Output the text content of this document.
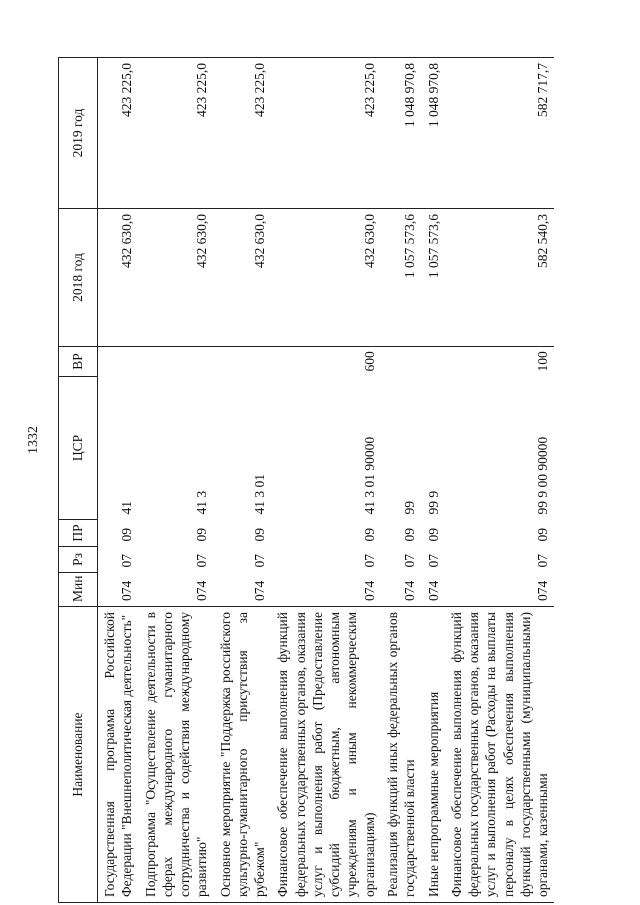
1332
Наименование	Мин	Рз	ПР	ЦСР	ВР	2018 год	2019 год
Государственная программа Российской Федерации "Внешнеполитическая деятельность"	074	07	09	41		432 630,0	423 225,0
Подпрограмма "Осуществление деятельности в сферах международного гуманитарного сотрудничества и содействия международному развитию"	074	07	09	41 3		432 630,0	423 225,0
Основное мероприятие "Поддержка российского культурно-гуманитарного присутствия за рубежом"	074	07	09	41 3 01		432 630,0	423 225,0
Финансовое обеспечение выполнения функций федеральных государственных органов, оказания услуг и выполнения работ (Предоставление субсидий бюджетным, автономным учреждениям и иным некоммерческим организациям)	074	07	09	41 3 01 90000	600	432 630,0	423 225,0
Реализация функций иных федеральных органов государственной власти	074	07	09	99		1 057 573,6	1 048 970,8
Иные непрограммные мероприятия	074	07	09	99 9		1 057 573,6	1 048 970,8
Финансовое обеспечение выполнения функций федеральных государственных органов, оказания услуг и выполнения работ (Расходы на выплаты персоналу в целях обеспечения выполнения функций государственными (муниципальными) органами, казенными	074	07	09	99 9 00 90000	100	582 540,3	582 717,7
